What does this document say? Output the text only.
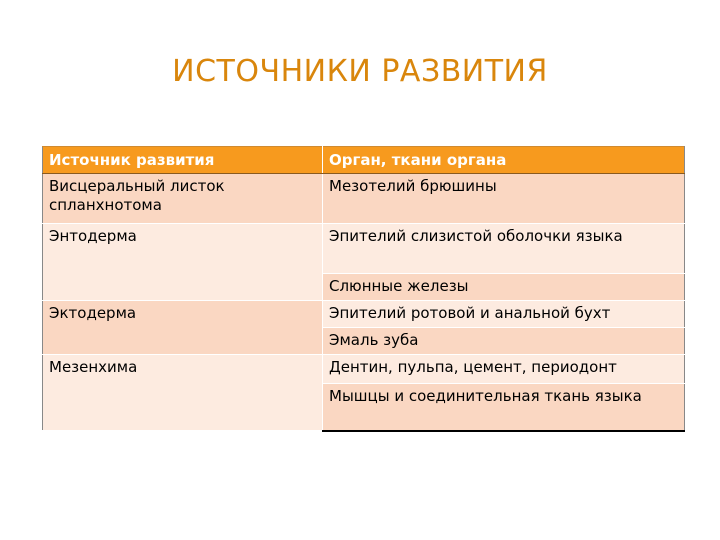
ИСТОЧНИКИ РАЗВИТИЯ
Источник развития	Орган, ткани органа
Висцеральный листок спланхнотома	Мезотелий брюшины
Энтодерма	Эпителий слизистой оболочки языка
	Слюнные железы
Эктодерма	Эпителий ротовой и анальной бухт
	Эмаль зуба
Мезенхима	Дентин, пульпа, цемент, периодонт
	Мышцы и соединительная ткань языка
